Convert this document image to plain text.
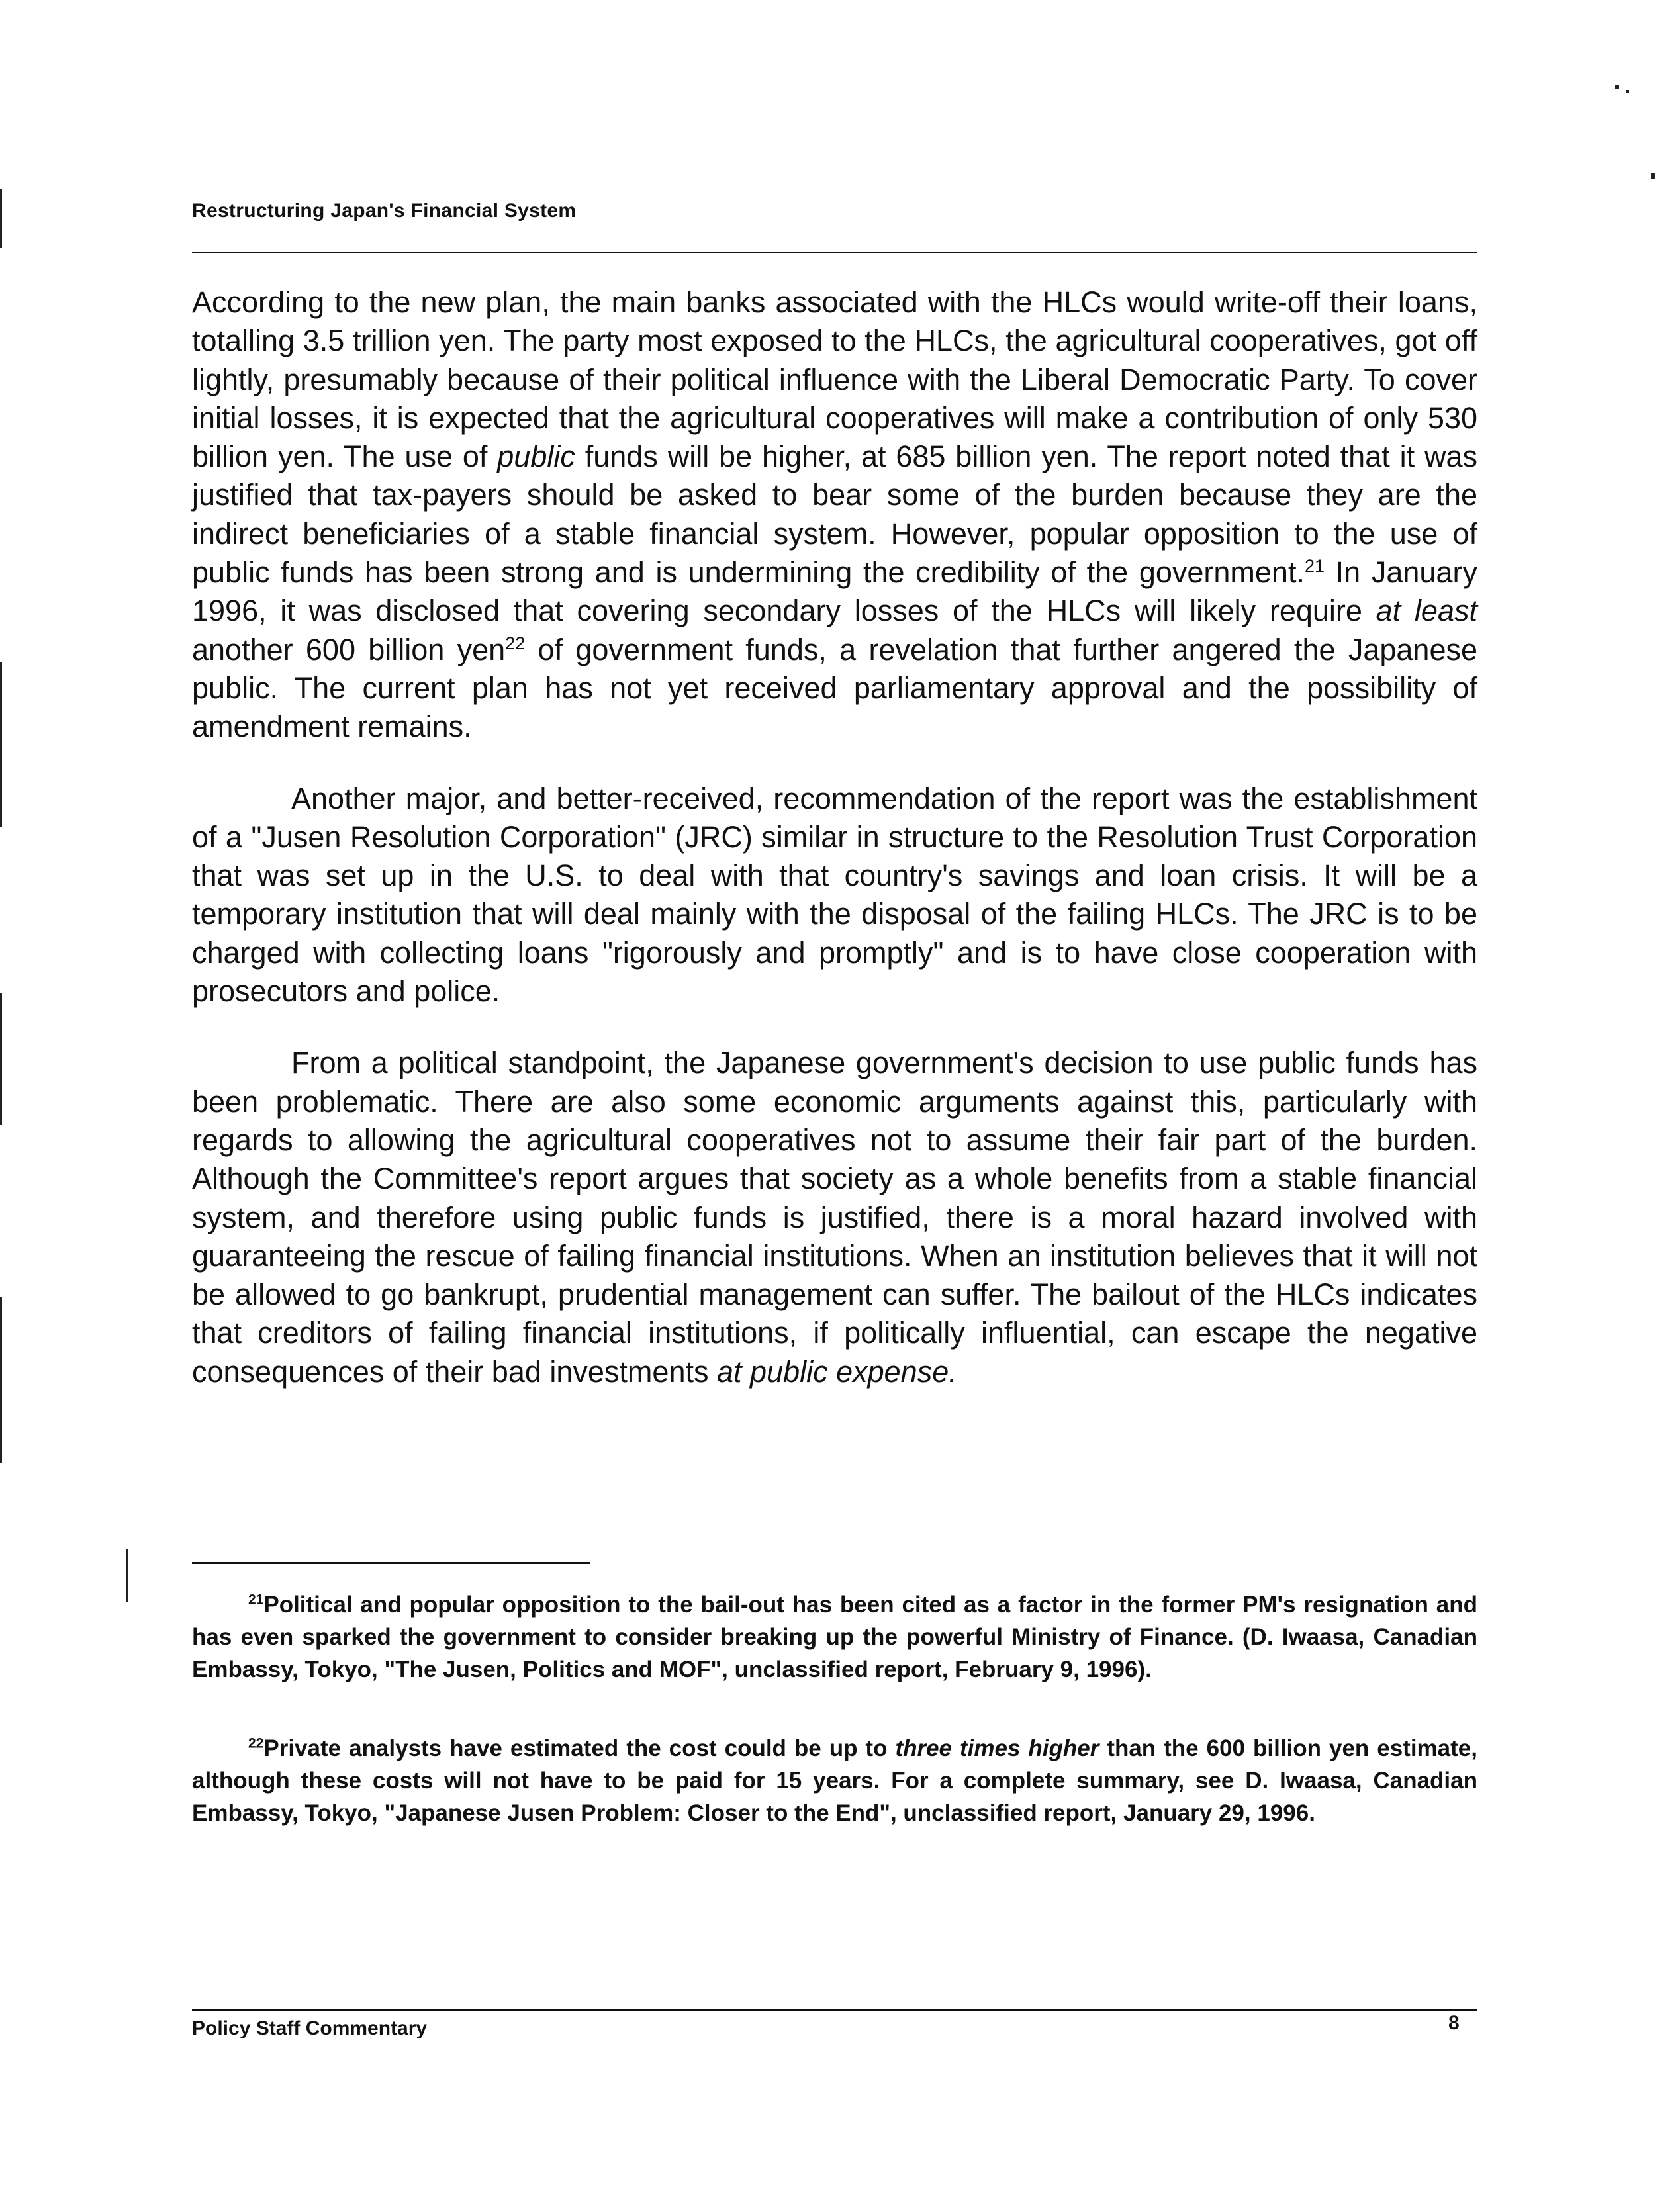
Restructuring Japan's Financial System

According to the new plan, the main banks associated with the HLCs would write-off their loans, totalling 3.5 trillion yen. The party most exposed to the HLCs, the agricultural cooperatives, got off lightly, presumably because of their political influence with the Liberal Democratic Party. To cover initial losses, it is expected that the agricultural cooperatives will make a contribution of only 530 billion yen. The use of public funds will be higher, at 685 billion yen. The report noted that it was justified that tax-payers should be asked to bear some of the burden because they are the indirect beneficiaries of a stable financial system. However, popular opposition to the use of public funds has been strong and is undermining the credibility of the government.$^{21}$ In January 1996, it was disclosed that covering secondary losses of the HLCs will likely require at least another 600 billion yen$^{22}$ of government funds, a revelation that further angered the Japanese public. The current plan has not yet received parliamentary approval and the possibility of amendment remains.

Another major, and better-received, recommendation of the report was the establishment of a "Jusen Resolution Corporation" (JRC) similar in structure to the Resolution Trust Corporation that was set up in the U.S. to deal with that country's savings and loan crisis. It will be a temporary institution that will deal mainly with the disposal of the failing HLCs. The JRC is to be charged with collecting loans "rigorously and promptly" and is to have close cooperation with prosecutors and police.

From a political standpoint, the Japanese government's decision to use public funds has been problematic. There are also some economic arguments against this, particularly with regards to allowing the agricultural cooperatives not to assume their fair part of the burden. Although the Committee's report argues that society as a whole benefits from a stable financial system, and therefore using public funds is justified, there is a moral hazard involved with guaranteeing the rescue of failing financial institutions. When an institution believes that it will not be allowed to go bankrupt, prudential management can suffer. The bailout of the HLCs indicates that creditors of failing financial institutions, if politically influential, can escape the negative consequences of their bad investments at public expense.

$^{21}$Political and popular opposition to the bail-out has been cited as a factor in the former PM's resignation and has even sparked the government to consider breaking up the powerful Ministry of Finance. (D. Iwaasa, Canadian Embassy, Tokyo, "The Jusen, Politics and MOF", unclassified report, February 9, 1996).

$^{22}$Private analysts have estimated the cost could be up to three times higher than the 600 billion yen estimate, although these costs will not have to be paid for 15 years. For a complete summary, see D. Iwaasa, Canadian Embassy, Tokyo, "Japanese Jusen Problem: Closer to the End", unclassified report, January 29, 1996.

Policy Staff Commentary	8
